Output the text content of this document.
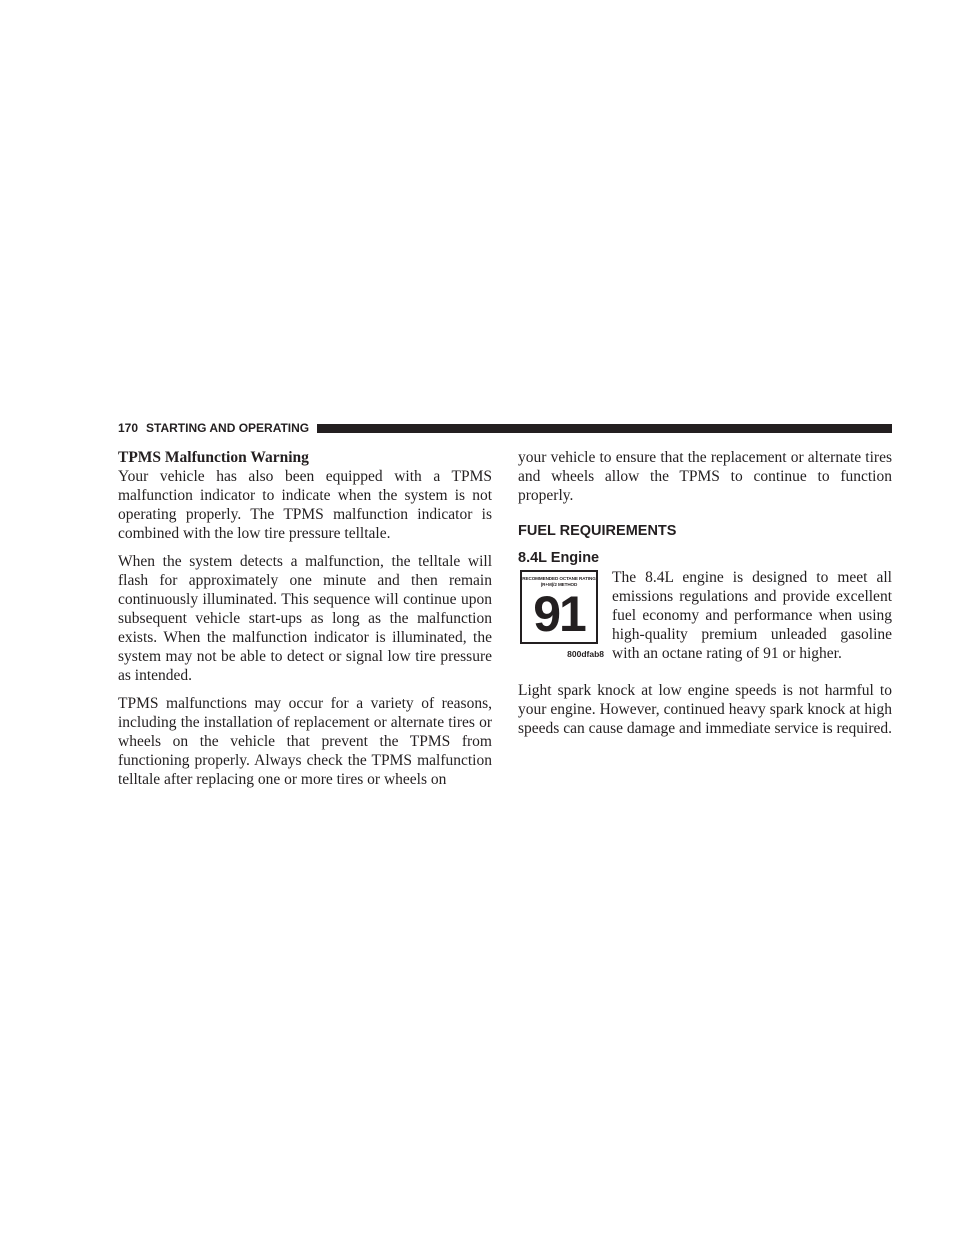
170 STARTING AND OPERATING
TPMS Malfunction Warning

Your vehicle has also been equipped with a TPMS malfunction indicator to indicate when the system is not operating properly. The TPMS malfunction indicator is combined with the low tire pressure telltale.

When the system detects a malfunction, the telltale will flash for approximately one minute and then remain continuously illuminated. This sequence will continue upon subsequent vehicle start-ups as long as the malfunction exists. When the malfunction indicator is illuminated, the system may not be able to detect or signal low tire pressure as intended.

TPMS malfunctions may occur for a variety of reasons, including the installation of replacement or alternate tires or wheels on the vehicle that prevent the TPMS from functioning properly. Always check the TPMS malfunction telltale after replacing one or more tires or wheels on

your vehicle to ensure that the replacement or alternate tires and wheels allow the TPMS to continue to function properly.

FUEL REQUIREMENTS
8.4L Engine
RECOMMENDED OCTANE RATING
(R+M)/2 METHOD
91
800dfab8

The 8.4L engine is designed to meet all emissions regulations and provide excellent fuel economy and performance when using high-quality premium unleaded gasoline with an octane rating of 91 or higher.

Light spark knock at low engine speeds is not harmful to your engine. However, continued heavy spark knock at high speeds can cause damage and immediate service is required.
